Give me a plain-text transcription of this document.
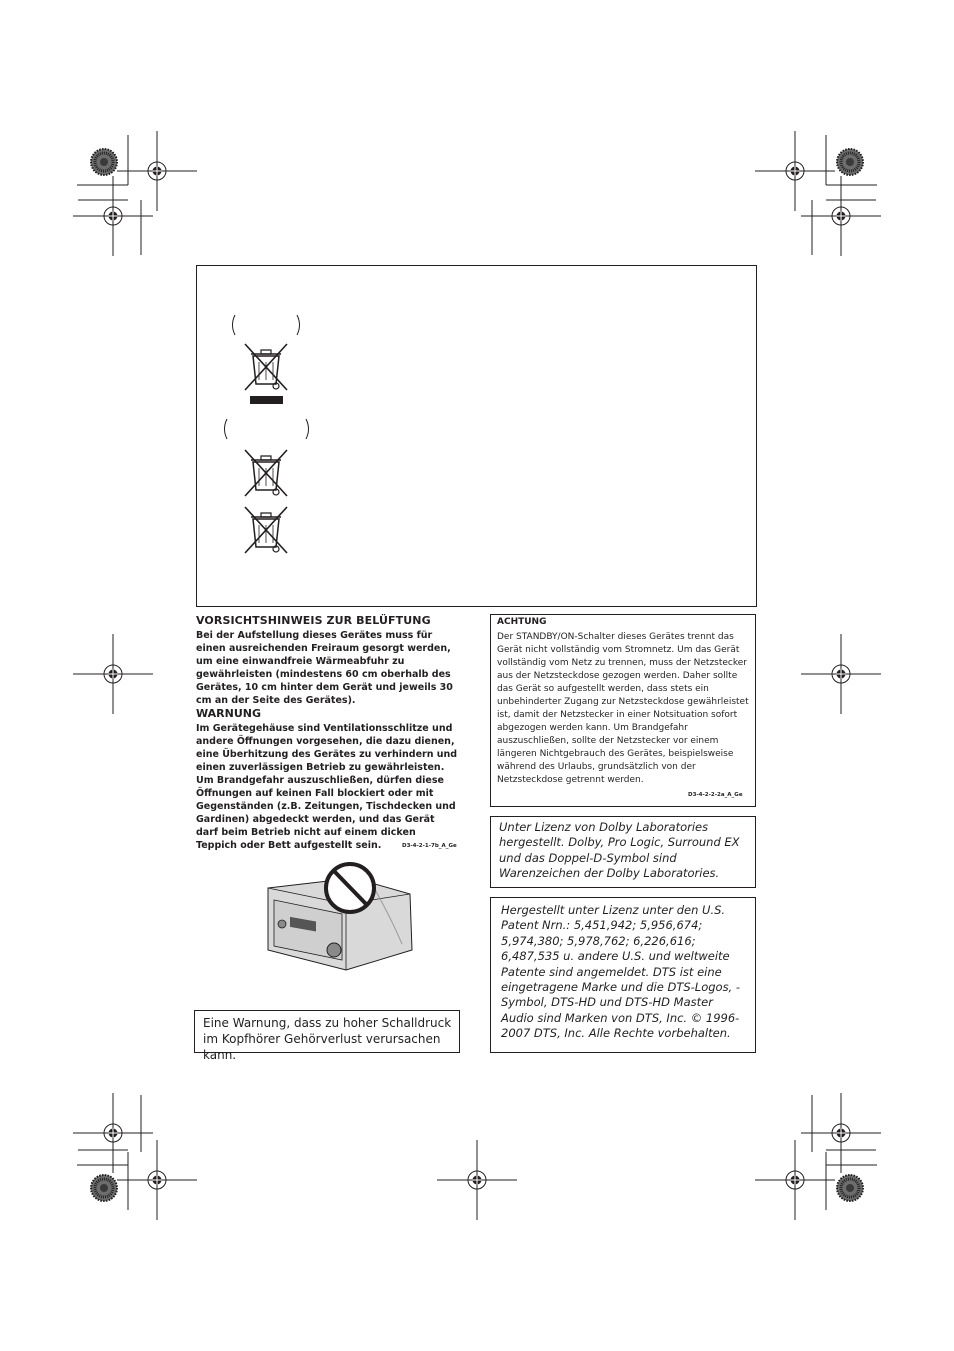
VORSICHTSHINWEIS ZUR BELÜFTUNG
Bei der Aufstellung dieses Gerätes muss für einen ausreichenden Freiraum gesorgt werden, um eine einwandfreie Wärmeabfuhr zu gewährleisten (mindestens 60 cm oberhalb des Gerätes, 10 cm hinter dem Gerät und jeweils 30 cm an der Seite des Gerätes).
WARNUNG
Im Gerätegehäuse sind Ventilationsschlitze und andere Öffnungen vorgesehen, die dazu dienen, eine Überhitzung des Gerätes zu verhindern und einen zuverlässigen Betrieb zu gewährleisten. Um Brandgefahr auszuschließen, dürfen diese Öffnungen auf keinen Fall blockiert oder mit Gegenständen (z.B. Zeitungen, Tischdecken und Gardinen) abgedeckt werden, und das Gerät darf beim Betrieb nicht auf einem dicken Teppich oder Bett aufgestellt sein.	D3-4-2-1-7b_A_Ge
Eine Warnung, dass zu hoher Schalldruck im Kopfhörer Gehörverlust verursachen kann.
ACHTUNG
Der STANDBY/ON-Schalter dieses Gerätes trennt das Gerät nicht vollständig vom Stromnetz. Um das Gerät vollständig vom Netz zu trennen, muss der Netzstecker aus der Netzsteckdose gezogen werden. Daher sollte das Gerät so aufgestellt werden, dass stets ein unbehinderter Zugang zur Netzsteckdose gewährleistet ist, damit der Netzstecker in einer Notsituation sofort abgezogen werden kann. Um Brandgefahr auszuschließen, sollte der Netzstecker vor einem längeren Nichtgebrauch des Gerätes, beispielsweise während des Urlaubs, grundsätzlich von der Netzsteckdose getrennt werden.
D3-4-2-2-2a_A_Ge
Unter Lizenz von Dolby Laboratories hergestellt. Dolby, Pro Logic, Surround EX und das Doppel-D-Symbol sind Warenzeichen der Dolby Laboratories.
Hergestellt unter Lizenz unter den U.S. Patent Nrn.: 5,451,942; 5,956,674; 5,974,380; 5,978,762; 6,226,616; 6,487,535 u. andere U.S. und weltweite Patente sind angemeldet. DTS ist eine eingetragene Marke und die DTS-Logos, -Symbol, DTS-HD und DTS-HD Master Audio sind Marken von DTS, Inc. © 1996-2007 DTS, Inc. Alle Rechte vorbehalten.
